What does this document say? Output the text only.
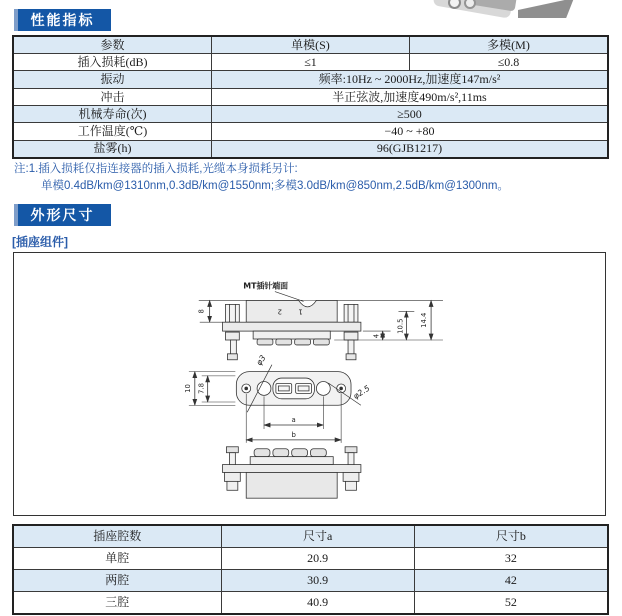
性能指标
参数	单模(S)	多模(M)
插入损耗(dB)	≤1	≤0.8
振动	频率:10Hz ~ 2000Hz,加速度147m/s²	
冲击	半正弦波,加速度490m/s²,11ms	
机械寿命(次)	≥500	
工作温度(℃)	−40 ~ +80	
盐雾(h)	96(GJB1217)	
注:1.插入损耗仅指连接器的插入损耗,光缆本身损耗另计:
单模0.4dB/km@1310nm,0.3dB/km@1550nm;多模3.0dB/km@850nm,2.5dB/km@1300nm。
外形尺寸
[插座组件]
8
4
10.5 14.4
MT插针端面
2 1
φ3
φ2.5
10 7.8
a
b
插座腔数	尺寸a	尺寸b
单腔	20.9	32
两腔	30.9	42
三腔	40.9	52
